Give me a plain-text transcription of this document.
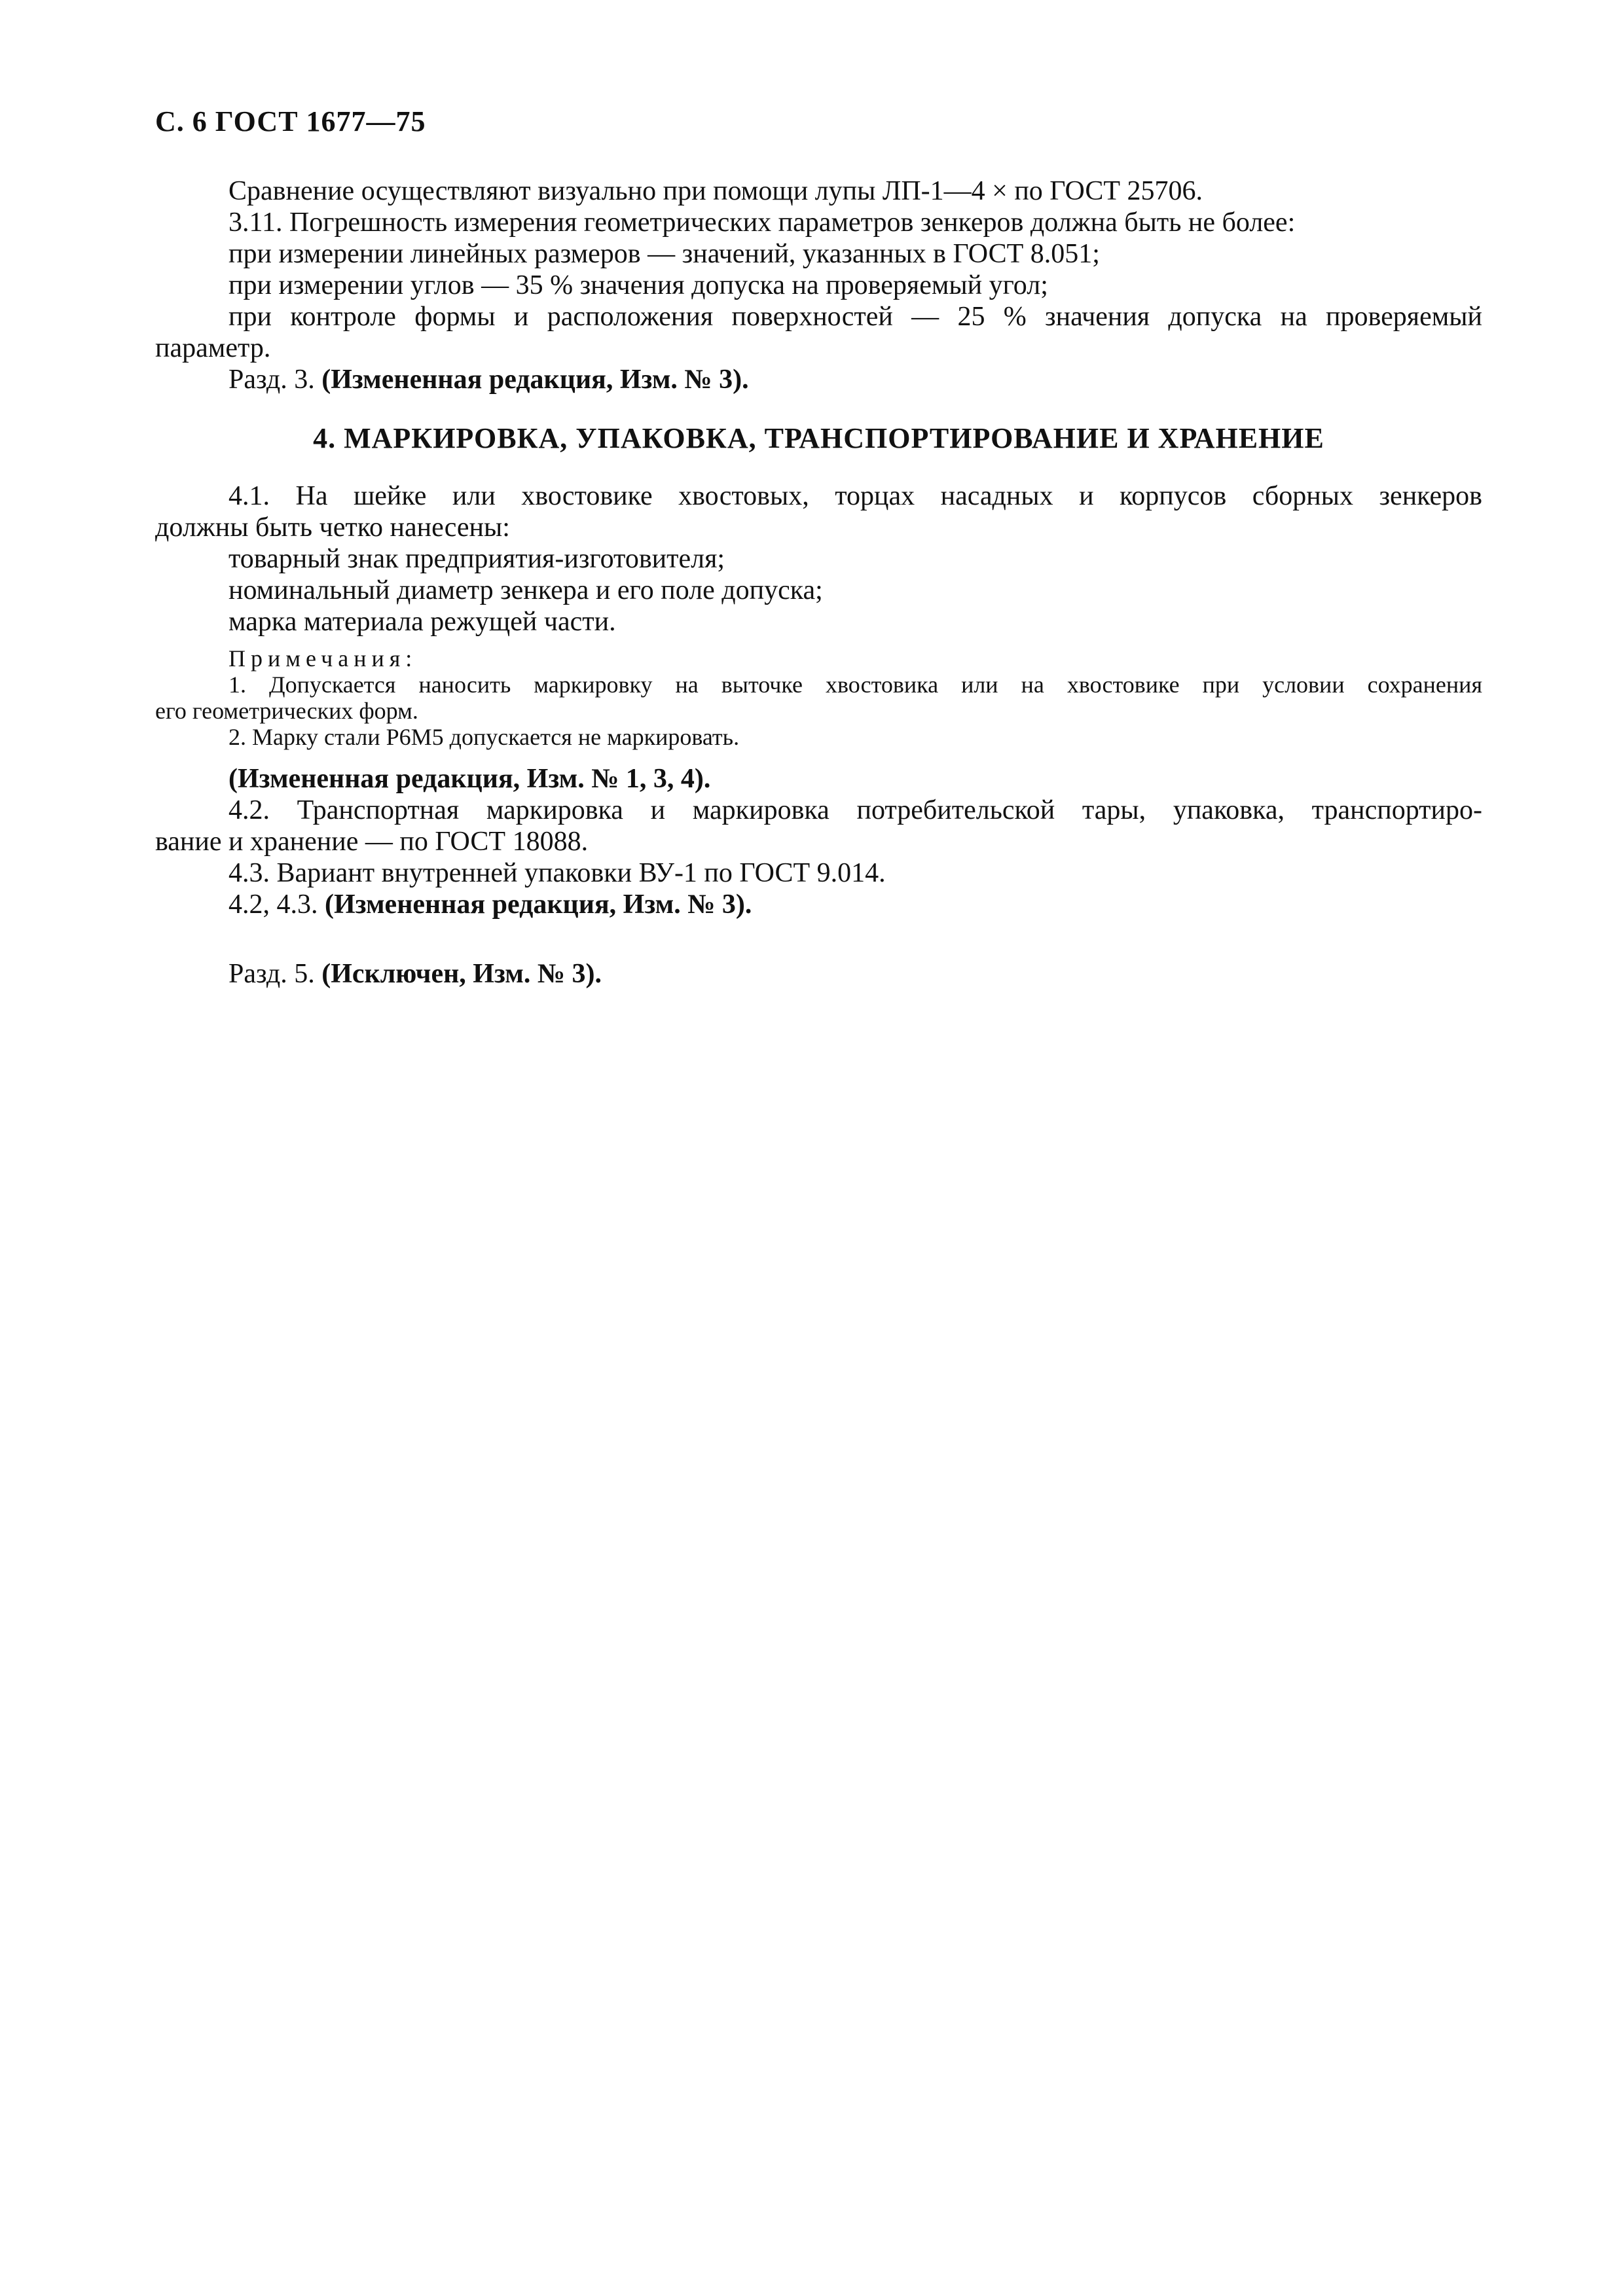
С. 6 ГОСТ 1677—75

Сравнение осуществляют визуально при помощи лупы ЛП-1—4 × по ГОСТ 25706.

3.11. Погрешность измерения геометрических параметров зенкеров должна быть не более:

при измерении линейных размеров — значений, указанных в ГОСТ 8.051;

при измерении углов — 35 % значения допуска на проверяемый угол;

при контроле формы и расположения поверхностей — 25 % значения допуска на проверяемый

параметр.

Разд. 3. (Измененная редакция, Изм. № 3).

4. МАРКИРОВКА, УПАКОВКА, ТРАНСПОРТИРОВАНИЕ И ХРАНЕНИЕ

4.1. На шейке или хвостовике хвостовых, торцах насадных и корпусов сборных зенкеров

должны быть четко нанесены:

товарный знак предприятия-изготовителя;

номинальный диаметр зенкера и его поле допуска;

марка материала режущей части.

Примечания:

1. Допускается наносить маркировку на выточке хвостовика или на хвостовике при условии сохранения

его геометрических форм.

2. Марку стали Р6М5 допускается не маркировать.

(Измененная редакция, Изм. № 1, 3, 4).

4.2. Транспортная маркировка и маркировка потребительской тары, упаковка, транспортиро-

вание и хранение — по ГОСТ 18088.

4.3. Вариант внутренней упаковки ВУ-1 по ГОСТ 9.014.

4.2, 4.3. (Измененная редакция, Изм. № 3).

Разд. 5. (Исключен, Изм. № 3).
